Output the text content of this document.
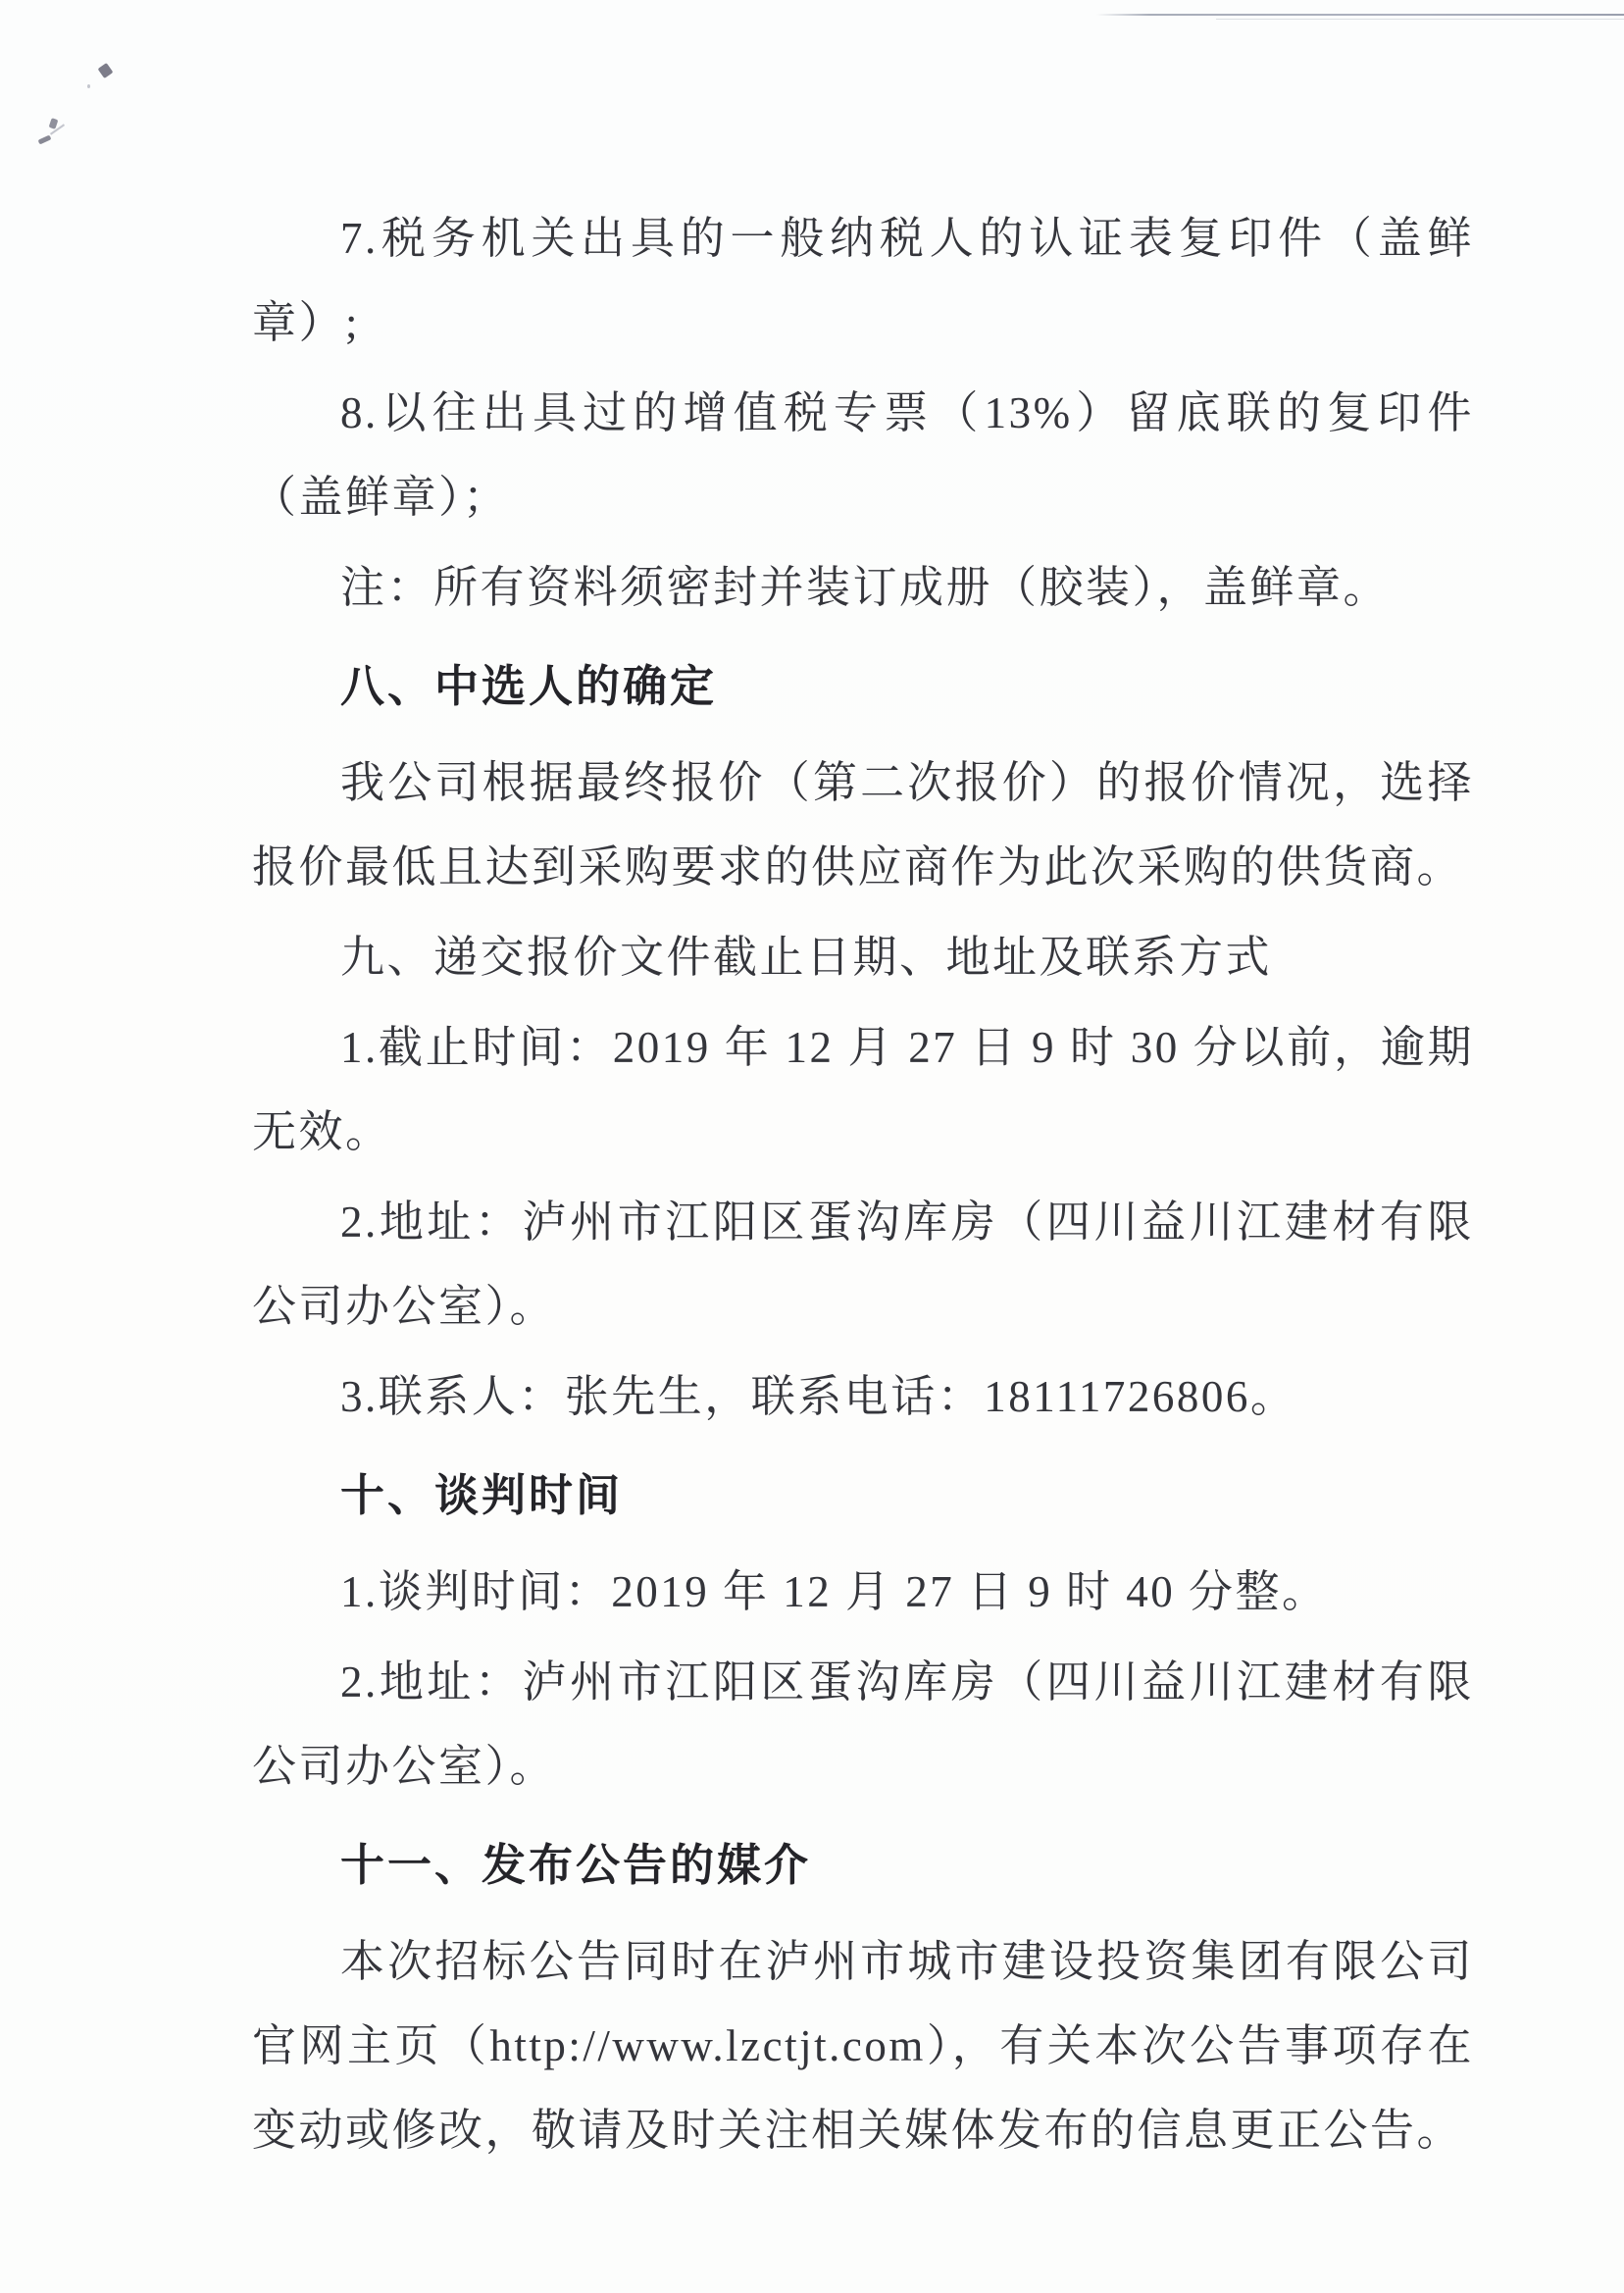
7.税务机关出具的一般纳税人的认证表复印件（盖鲜章）;

8.以往出具过的增值税专票（13%）留底联的复印件（盖鲜章）；

注：所有资料须密封并装订成册（胶装），盖鲜章。

八、中选人的确定

我公司根据最终报价（第二次报价）的报价情况，选择报价最低且达到采购要求的供应商作为此次采购的供货商。

九、递交报价文件截止日期、地址及联系方式

1.截止时间：2019 年 12 月 27 日 9 时 30 分以前，逾期无效。

2.地址：泸州市江阳区蛋沟库房（四川益川江建材有限公司办公室）。

3.联系人：张先生，联系电话：18111726806。

十、谈判时间

1.谈判时间：2019 年 12 月 27 日 9 时 40 分整。

2.地址：泸州市江阳区蛋沟库房（四川益川江建材有限公司办公室）。

十一、发布公告的媒介

本次招标公告同时在泸州市城市建设投资集团有限公司官网主页（http://www.lzctjt.com），有关本次公告事项存在变动或修改，敬请及时关注相关媒体发布的信息更正公告。
